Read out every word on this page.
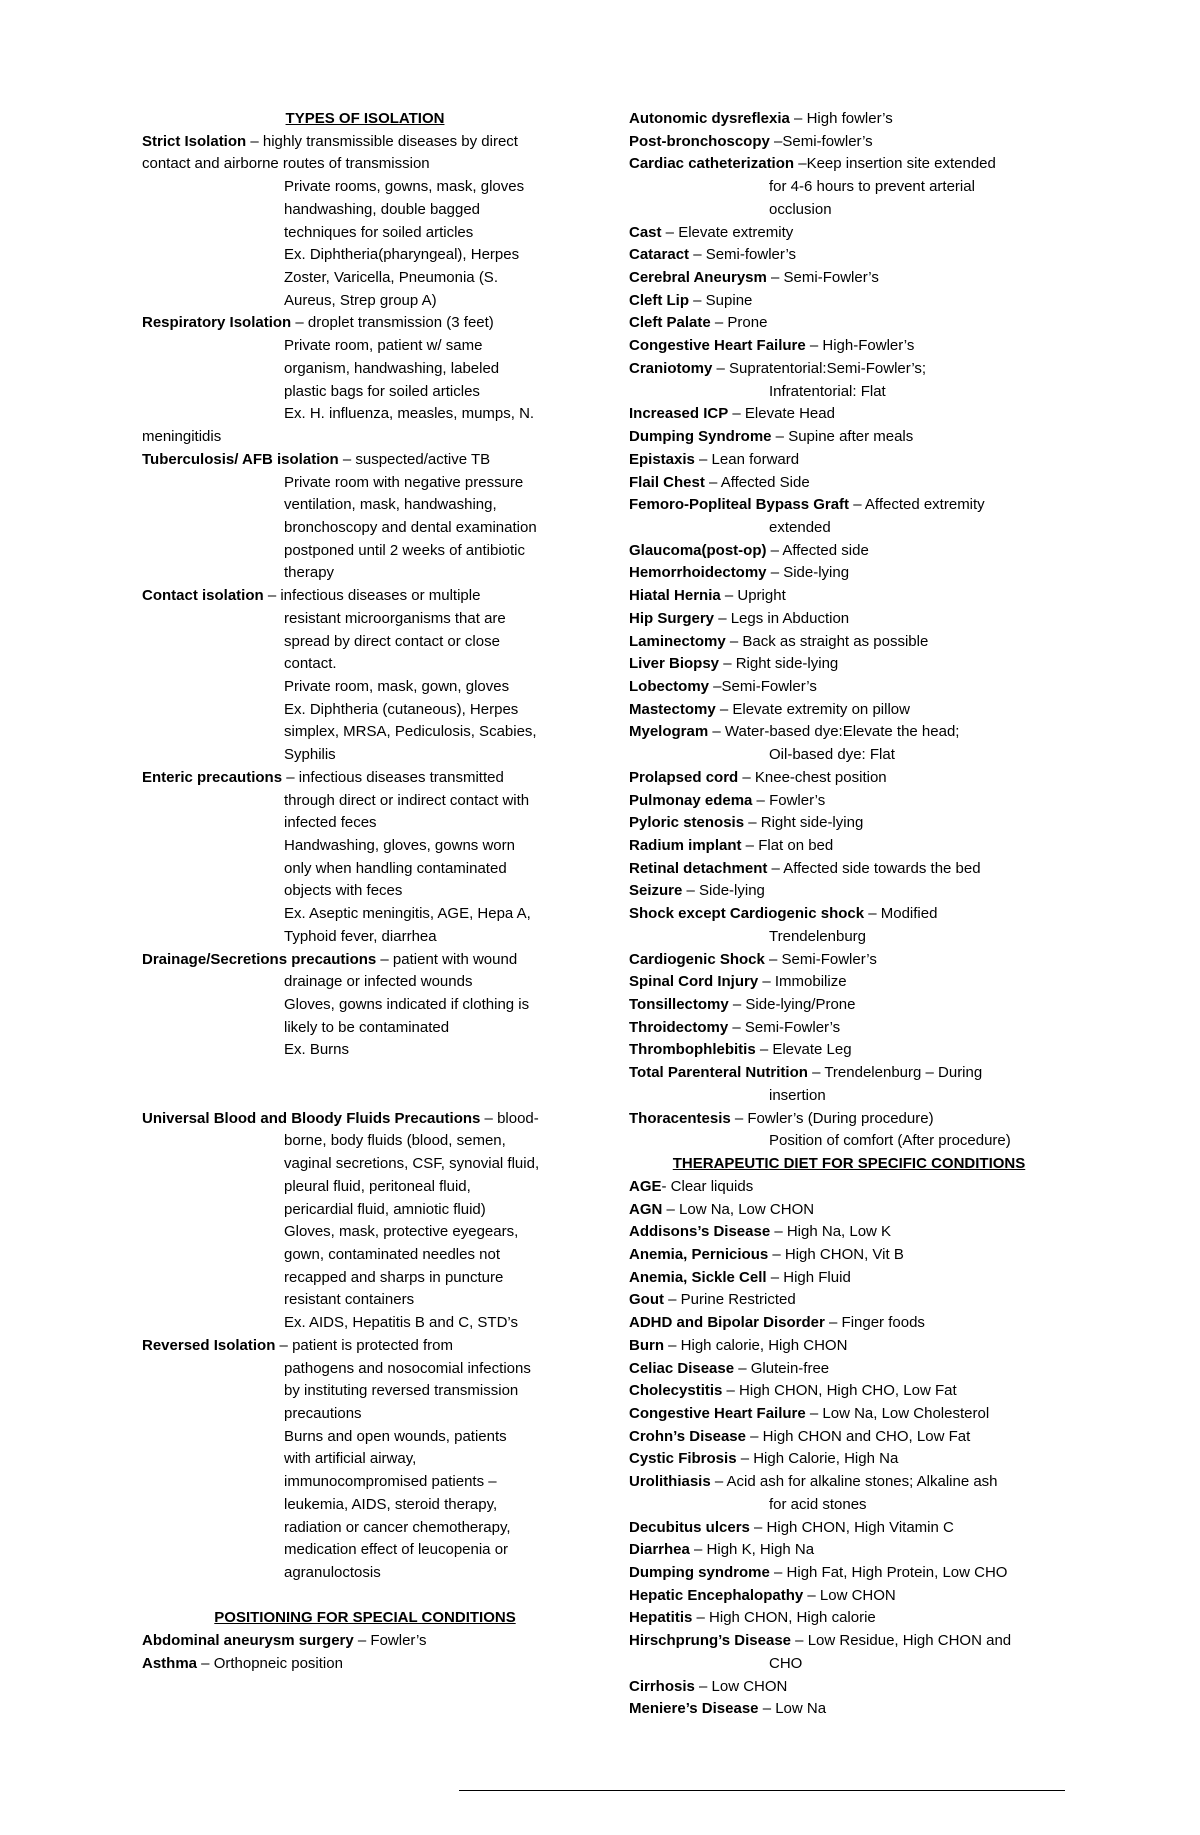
TYPES OF ISOLATION
Strict Isolation – highly transmissible diseases by direct
contact and airborne routes of transmission
Private rooms, gowns, mask, gloves
handwashing, double bagged
techniques for soiled articles
Ex. Diphtheria(pharyngeal), Herpes
Zoster, Varicella, Pneumonia (S.
Aureus, Strep group A)
Respiratory Isolation – droplet transmission (3 feet)
Private room, patient w/ same
organism, handwashing, labeled
plastic bags for soiled articles
Ex. H. influenza, measles, mumps, N.
meningitidis
Tuberculosis/ AFB isolation – suspected/active TB
Private room with negative pressure
ventilation, mask, handwashing,
bronchoscopy and dental examination
postponed until 2 weeks of antibiotic
therapy
Contact isolation – infectious diseases or multiple
resistant microorganisms that are
spread by direct contact or close
contact.
Private room, mask, gown, gloves
Ex. Diphtheria (cutaneous), Herpes
simplex, MRSA, Pediculosis, Scabies,
Syphilis
Enteric precautions – infectious diseases transmitted
through direct or indirect contact with
infected feces
Handwashing, gloves, gowns worn
only when handling contaminated
objects with feces
Ex. Aseptic meningitis, AGE, Hepa A,
Typhoid fever, diarrhea
Drainage/Secretions precautions – patient with wound
drainage or infected wounds
Gloves, gowns indicated if clothing is
likely to be contaminated
Ex. Burns
Universal Blood and Bloody Fluids Precautions – blood-
borne, body fluids (blood, semen,
vaginal secretions, CSF, synovial fluid,
pleural fluid, peritoneal fluid,
pericardial fluid, amniotic fluid)
Gloves, mask, protective eyegears,
gown, contaminated needles not
recapped and sharps in puncture
resistant containers
Ex. AIDS, Hepatitis B and C, STD’s
Reversed Isolation – patient is protected from
pathogens and nosocomial infections
by instituting reversed transmission
precautions
Burns and open wounds, patients
with artificial airway,
immunocompromised patients –
leukemia, AIDS, steroid therapy,
radiation or cancer chemotherapy,
medication effect of leucopenia or
agranuloctosis
POSITIONING FOR SPECIAL CONDITIONS
Abdominal aneurysm surgery – Fowler’s
Asthma – Orthopneic position
Autonomic dysreflexia – High fowler’s
Post-bronchoscopy –Semi-fowler’s
Cardiac catheterization –Keep insertion site extended
for 4-6 hours to prevent arterial
occlusion
Cast – Elevate extremity
Cataract – Semi-fowler’s
Cerebral Aneurysm – Semi-Fowler’s
Cleft Lip – Supine
Cleft Palate – Prone
Congestive Heart Failure – High-Fowler’s
Craniotomy – Supratentorial:Semi-Fowler’s;
Infratentorial: Flat
Increased ICP – Elevate Head
Dumping Syndrome – Supine after meals
Epistaxis – Lean forward
Flail Chest – Affected Side
Femoro-Popliteal Bypass Graft – Affected extremity
extended
Glaucoma(post-op) – Affected side
Hemorrhoidectomy – Side-lying
Hiatal Hernia – Upright
Hip Surgery – Legs in Abduction
Laminectomy – Back as straight as possible
Liver Biopsy – Right side-lying
Lobectomy –Semi-Fowler’s
Mastectomy – Elevate extremity on pillow
Myelogram – Water-based dye:Elevate the head;
Oil-based dye: Flat
Prolapsed cord – Knee-chest position
Pulmonay edema – Fowler’s
Pyloric stenosis – Right side-lying
Radium implant – Flat on bed
Retinal detachment – Affected side towards the bed
Seizure – Side-lying
Shock except Cardiogenic shock – Modified
Trendelenburg
Cardiogenic Shock – Semi-Fowler’s
Spinal Cord Injury – Immobilize
Tonsillectomy – Side-lying/Prone
Throidectomy – Semi-Fowler’s
Thrombophlebitis – Elevate Leg
Total Parenteral Nutrition – Trendelenburg – During
insertion
Thoracentesis – Fowler’s (During procedure)
Position of comfort (After procedure)
THERAPEUTIC DIET FOR SPECIFIC CONDITIONS
AGE- Clear liquids
AGN – Low Na, Low CHON
Addisons’s Disease – High Na, Low K
Anemia, Pernicious – High CHON, Vit B
Anemia, Sickle Cell – High Fluid
Gout – Purine Restricted
ADHD and Bipolar Disorder – Finger foods
Burn – High calorie, High CHON
Celiac Disease – Glutein-free
Cholecystitis – High CHON, High CHO, Low Fat
Congestive Heart Failure – Low Na, Low Cholesterol
Crohn’s Disease – High CHON and CHO, Low Fat
Cystic Fibrosis – High Calorie, High Na
Urolithiasis – Acid ash for alkaline stones; Alkaline ash
for acid stones
Decubitus ulcers – High CHON, High Vitamin C
Diarrhea – High K, High Na
Dumping syndrome – High Fat, High Protein, Low CHO
Hepatic Encephalopathy – Low CHON
Hepatitis – High CHON, High calorie
Hirschprung’s Disease – Low Residue, High CHON and
CHO
Cirrhosis – Low CHON
Meniere’s Disease – Low Na
